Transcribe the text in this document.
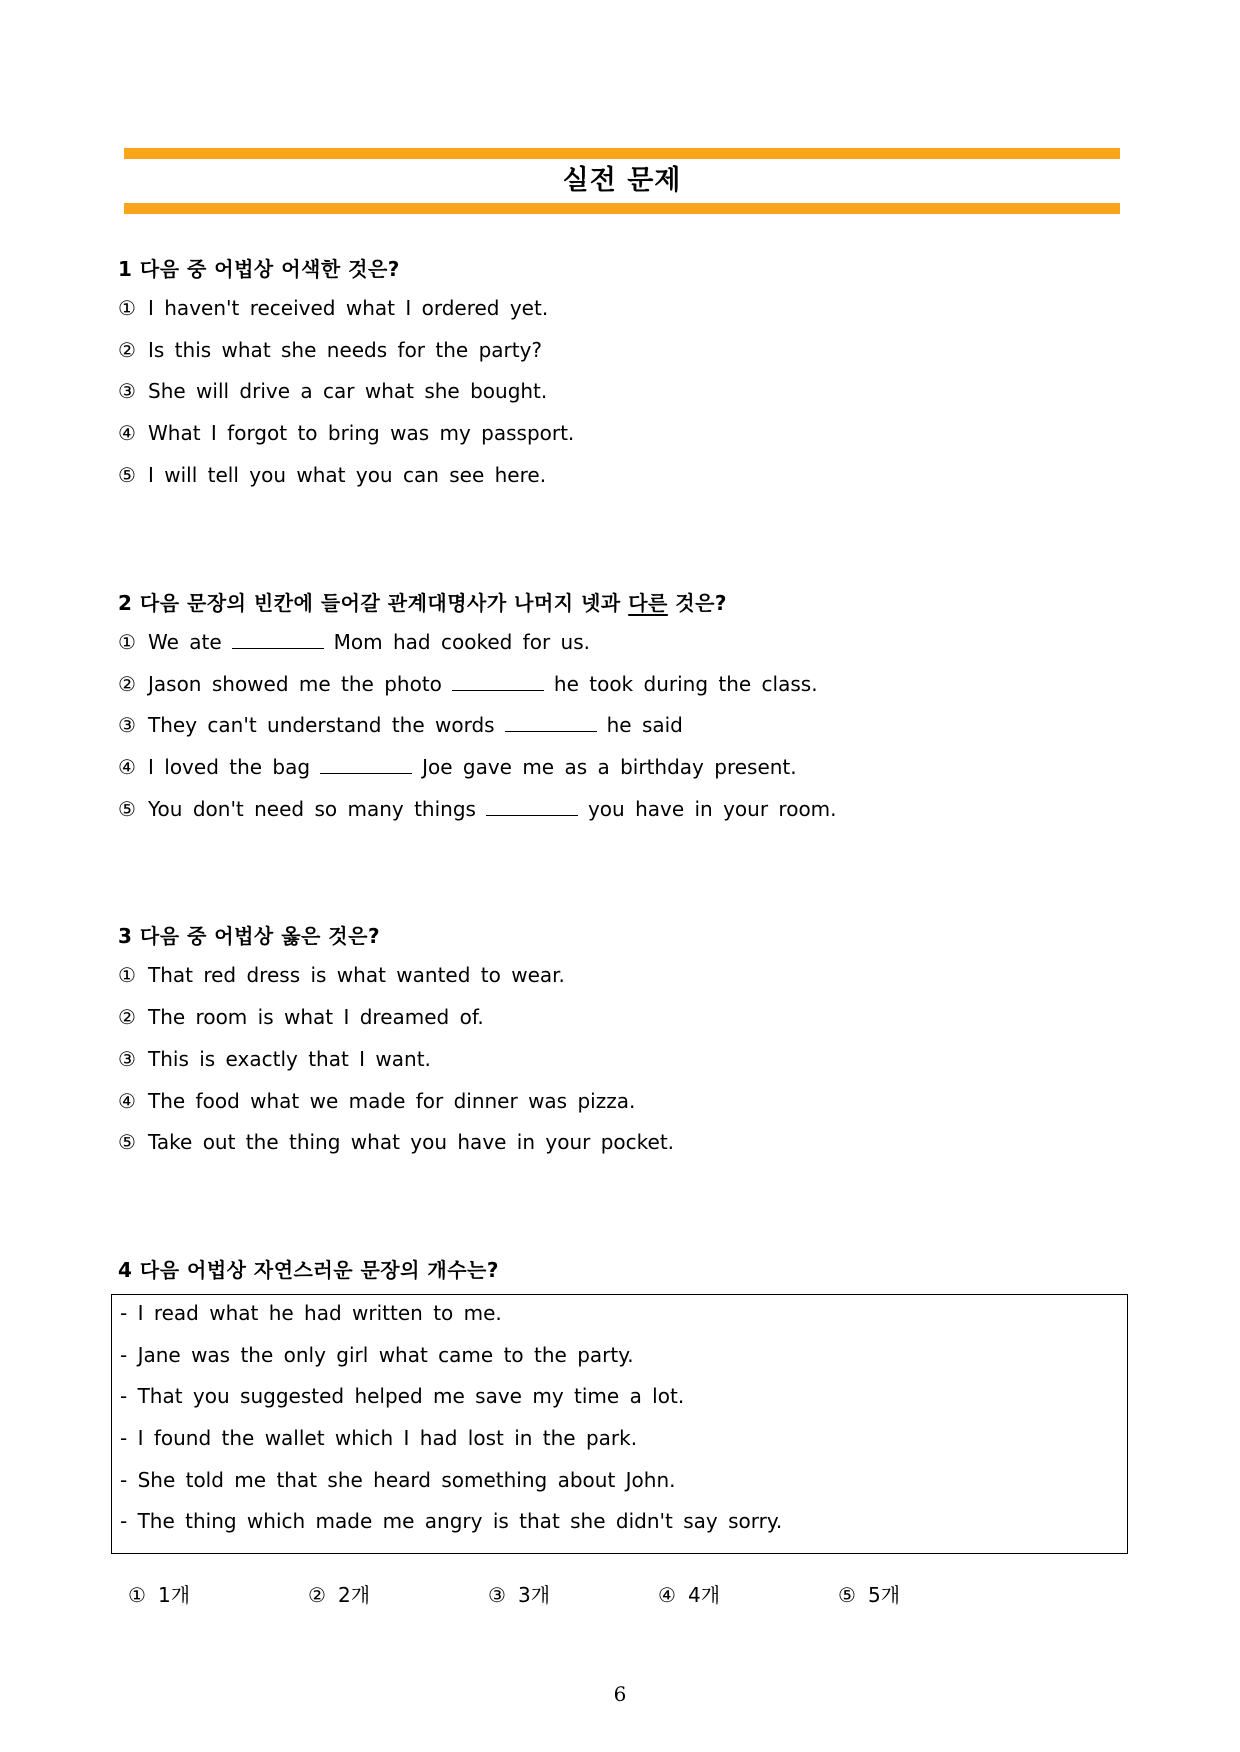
실전 문제
1 다음 중 어법상 어색한 것은?
① I haven't received what I ordered yet.
② Is this what she needs for the party?
③ She will drive a car what she bought.
④ What I forgot to bring was my passport.
⑤ I will tell you what you can see here.
2 다음 문장의 빈칸에 들어갈 관계대명사가 나머지 넷과 다른 것은?
① We ate	Mom had cooked for us.
② Jason showed me the photo	he took during the class.
③ They can't understand the words	he said
④ I loved the bag	Joe gave me as a birthday present.
⑤ You don't need so many things	you have in your room.
3 다음 중 어법상 옳은 것은?
① That red dress is what wanted to wear.
② The room is what I dreamed of.
③ This is exactly that I want.
④ The food what we made for dinner was pizza.
⑤ Take out the thing what you have in your pocket.
4 다음 어법상 자연스러운 문장의 개수는?
- I read what he had written to me.
- Jane was the only girl what came to the party.
- That you suggested helped me save my time a lot.
- I found the wallet which I had lost in the park.
- She told me that she heard something about John.
- The thing which made me angry is that she didn't say sorry.
① 1개	② 2개	③ 3개	④ 4개	⑤ 5개
6
